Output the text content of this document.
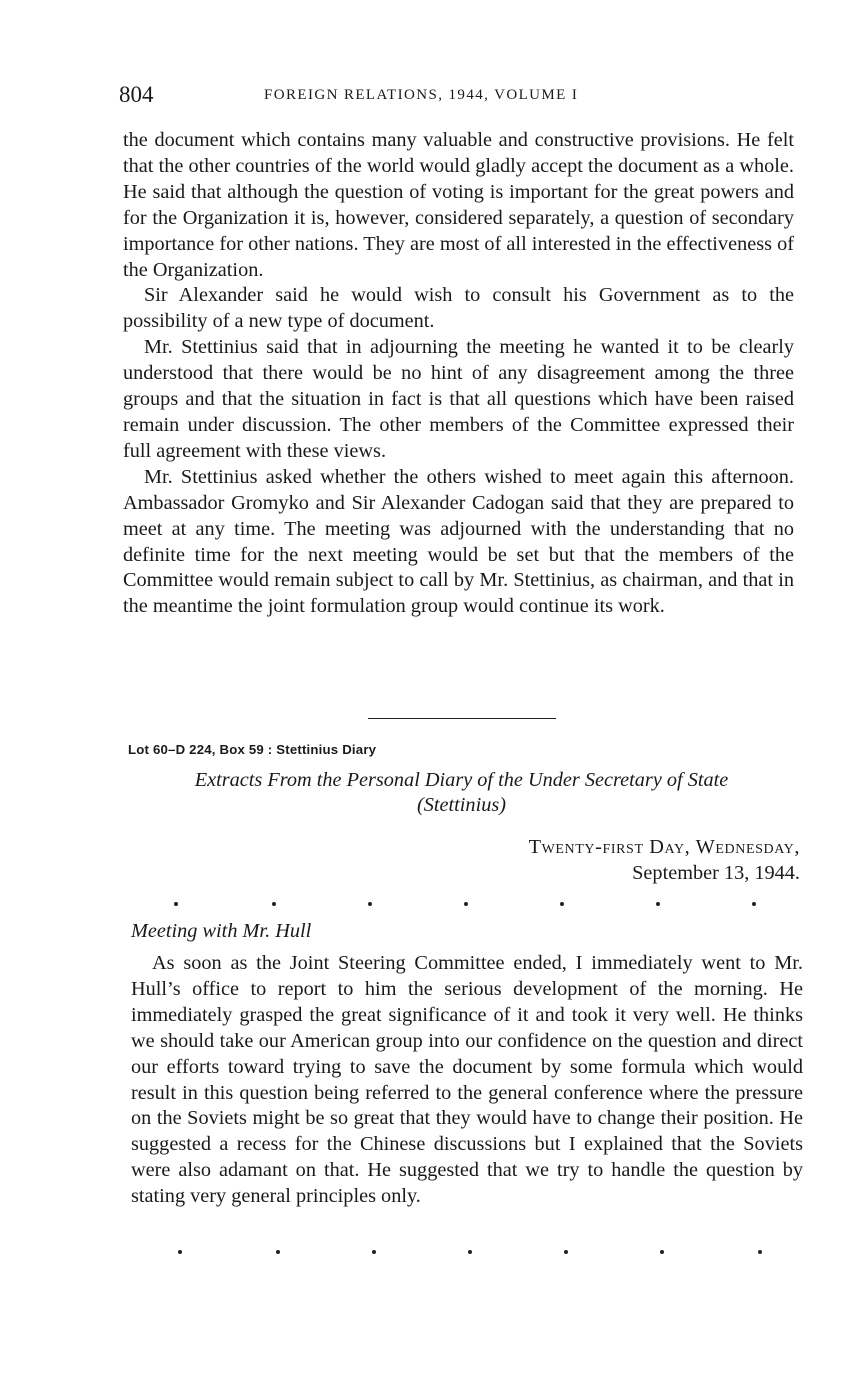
804	FOREIGN RELATIONS, 1944, VOLUME I

the document which contains many valuable and constructive provisions. He felt that the other countries of the world would gladly accept the document as a whole. He said that although the question of voting is important for the great powers and for the Organization it is, however, considered separately, a question of secondary importance for other nations. They are most of all interested in the effectiveness of the Organization.

Sir Alexander said he would wish to consult his Government as to the possibility of a new type of document.

Mr. Stettinius said that in adjourning the meeting he wanted it to be clearly understood that there would be no hint of any disagreement among the three groups and that the situation in fact is that all questions which have been raised remain under discussion. The other members of the Committee expressed their full agreement with these views.

Mr. Stettinius asked whether the others wished to meet again this afternoon. Ambassador Gromyko and Sir Alexander Cadogan said that they are prepared to meet at any time. The meeting was adjourned with the understanding that no definite time for the next meeting would be set but that the members of the Committee would remain subject to call by Mr. Stettinius, as chairman, and that in the meantime the joint formulation group would continue its work.

Lot 60–D 224, Box 59 : Stettinius Diary
Extracts From the Personal Diary of the Under Secretary of State
(Stettinius)
Twenty-first Day, Wednesday,
September 13, 1944.
Meeting with Mr. Hull

As soon as the Joint Steering Committee ended, I immediately went to Mr. Hull’s office to report to him the serious development of the morning. He immediately grasped the great significance of it and took it very well. He thinks we should take our American group into our confidence on the question and direct our efforts toward trying to save the document by some formula which would result in this question being referred to the general conference where the pressure on the Soviets might be so great that they would have to change their position. He suggested a recess for the Chinese discussions but I explained that the Soviets were also adamant on that. He suggested that we try to handle the question by stating very general principles only.
